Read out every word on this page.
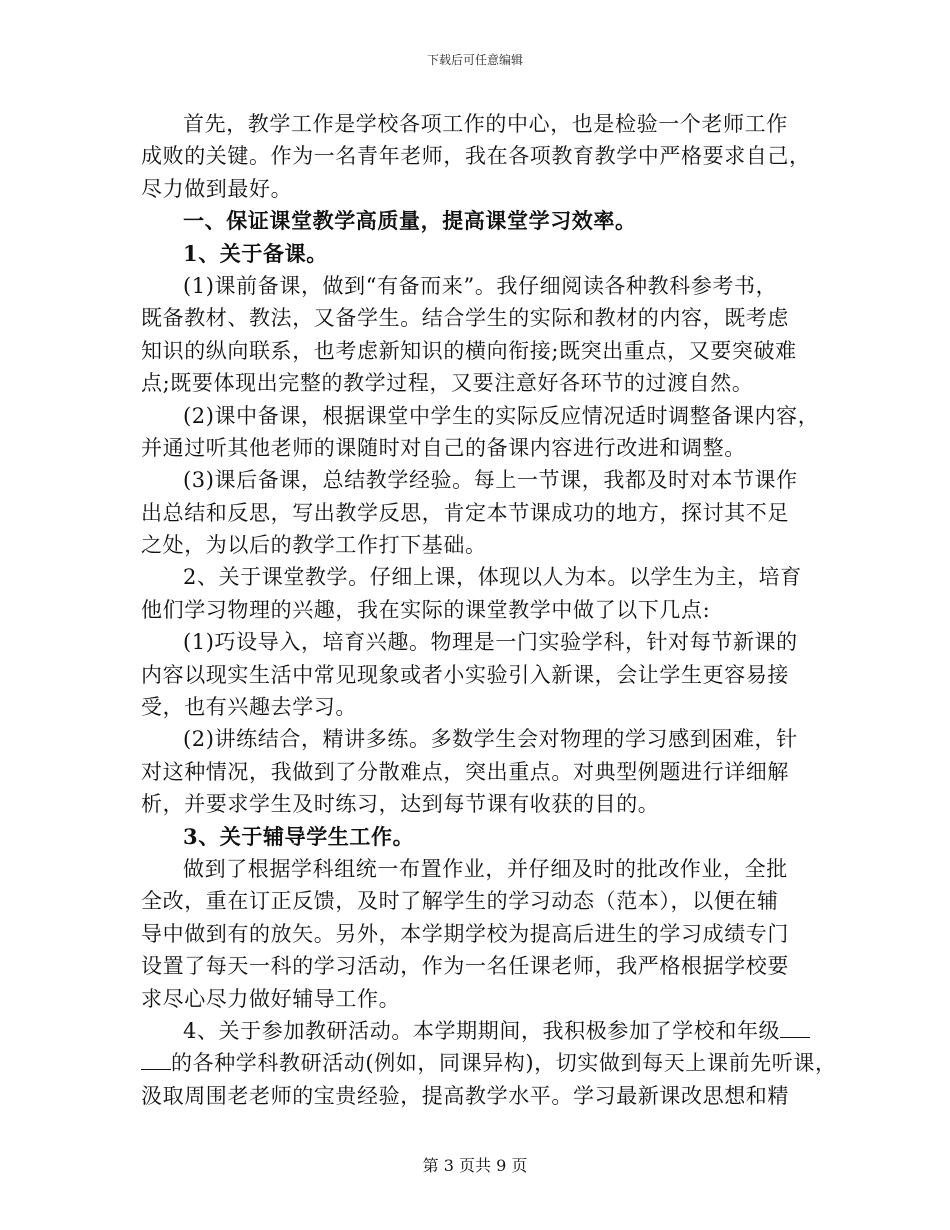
下载后可任意编辑

首先，教学工作是学校各项工作的中心，也是检验一个老师工作
成败的关键。作为一名青年老师，我在各项教育教学中严格要求自己，
尽力做到最好。

一、保证课堂教学高质量，提高课堂学习效率。

1、关于备课。

(1)课前备课，做到“有备而来”。我仔细阅读各种教科参考书，
既备教材、教法，又备学生。结合学生的实际和教材的内容，既考虑
知识的纵向联系，也考虑新知识的横向衔接;既突出重点，又要突破难
点;既要体现出完整的教学过程，又要注意好各环节的过渡自然。

(2)课中备课，根据课堂中学生的实际反应情况适时调整备课内容，
并通过听其他老师的课随时对自己的备课内容进行改进和调整。

(3)课后备课，总结教学经验。每上一节课，我都及时对本节课作
出总结和反思，写出教学反思，肯定本节课成功的地方，探讨其不足
之处，为以后的教学工作打下基础。

2、关于课堂教学。仔细上课，体现以人为本。以学生为主，培育
他们学习物理的兴趣，我在实际的课堂教学中做了以下几点:

(1)巧设导入，培育兴趣。物理是一门实验学科，针对每节新课的
内容以现实生活中常见现象或者小实验引入新课，会让学生更容易接
受，也有兴趣去学习。

(2)讲练结合，精讲多练。多数学生会对物理的学习感到困难，针
对这种情况，我做到了分散难点，突出重点。对典型例题进行详细解
析，并要求学生及时练习，达到每节课有收获的目的。

3、关于辅导学生工作。

做到了根据学科组统一布置作业，并仔细及时的批改作业，全批
全改，重在订正反馈，及时了解学生的学习动态（范本），以便在辅
导中做到有的放矢。另外，本学期学校为提高后进生的学习成绩专门
设置了每天一科的学习活动，作为一名任课老师，我严格根据学校要
求尽心尽力做好辅导工作。

4、关于参加教研活动。本学期期间，我积极参加了学校和年级
的各种学科教研活动(例如，同课异构)，切实做到每天上课前先听课，
汲取周围老老师的宝贵经验，提高教学水平。学习最新课改思想和精

第 3 页共 9 页
